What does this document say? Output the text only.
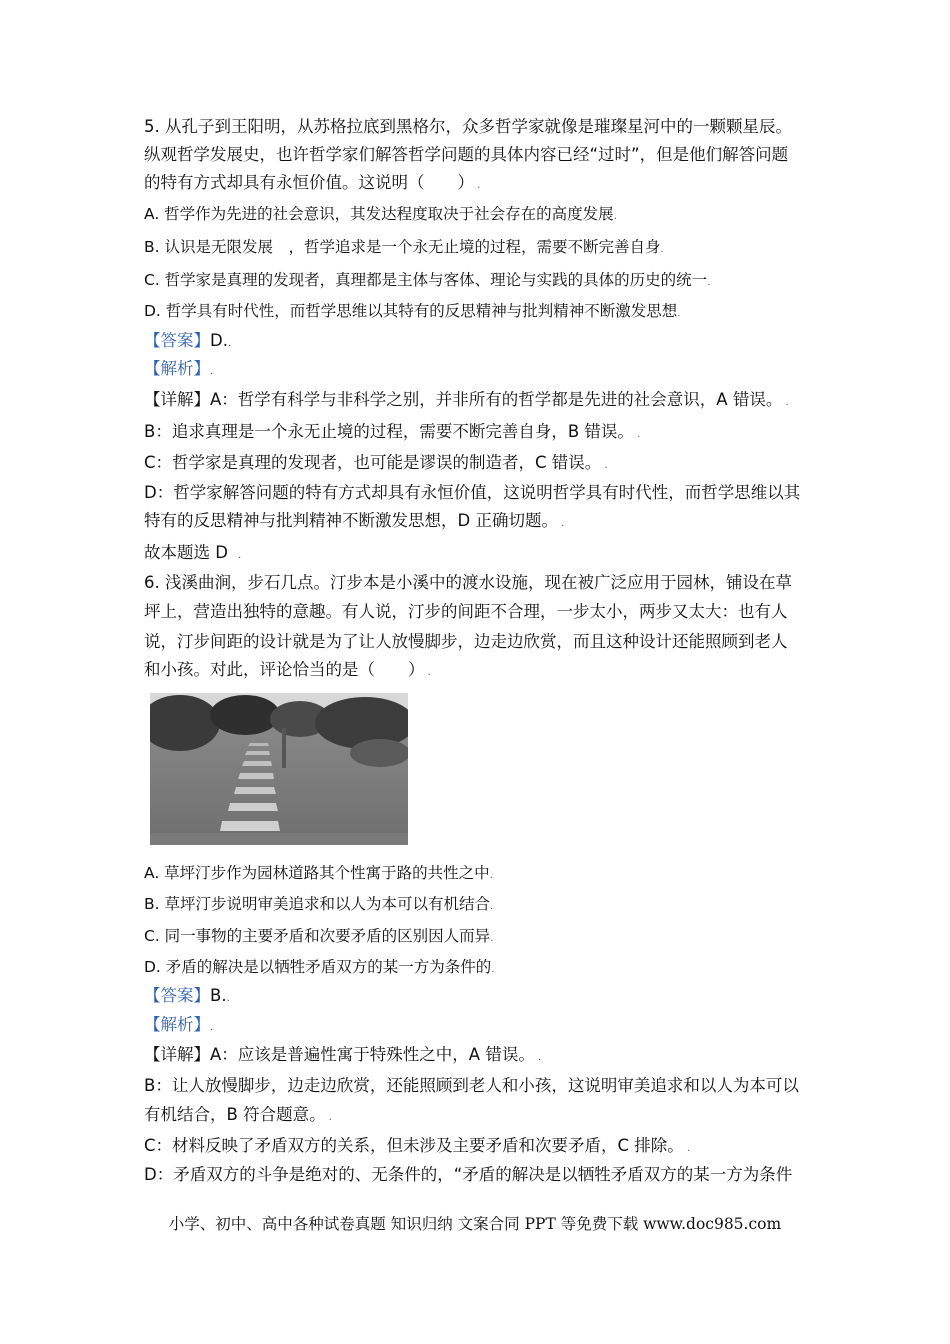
5. 从孔子到王阳明，从苏格拉底到黑格尔，众多哲学家就像是璀璨星河中的一颗颗星辰。
纵观哲学发展史，也许哲学家们解答哲学问题的具体内容已经“过时”，但是他们解答问题
的特有方式却具有永恒价值。这说明（　　） .
A. 哲学作为先进的社会意识，其发达程度取决于社会存在的高度发展.
B. 认识是无限发展　，哲学追求是一个永无止境的过程，需要不断完善自身.
C. 哲学家是真理的发现者，真理都是主体与客体、理论与实践的具体的历史的统一.
D. 哲学具有时代性，而哲学思维以其特有的反思精神与批判精神不断激发思想.
【答案】D..
【解析】.
【详解】A：哲学有科学与非科学之别，并非所有的哲学都是先进的社会意识，A 错误。 .
B：追求真理是一个永无止境的过程，需要不断完善自身，B 错误。 .
C：哲学家是真理的发现者，也可能是谬误的制造者，C 错误。 .
D：哲学家解答问题的特有方式却具有永恒价值，这说明哲学具有时代性，而哲学思维以其
特有的反思精神与批判精神不断激发思想，D 正确切题。 .
故本题选 D　.
6. 浅溪曲涧，步石几点。汀步本是小溪中的渡水设施，现在被广泛应用于园林，铺设在草
坪上，营造出独特的意趣。有人说，汀步的间距不合理，一步太小，两步又太大：也有人
说，汀步间距的设计就是为了让人放慢脚步，边走边欣赏，而且这种设计还能照顾到老人
和小孩。对此，评论恰当的是（　　） .
A. 草坪汀步作为园林道路其个性寓于路的共性之中.
B. 草坪汀步说明审美追求和以人为本可以有机结合.
C. 同一事物的主要矛盾和次要矛盾的区别因人而异.
D. 矛盾的解决是以牺牲矛盾双方的某一方为条件的.
【答案】B..
【解析】.
【详解】A：应该是普遍性寓于特殊性之中，A 错误。 .
B：让人放慢脚步，边走边欣赏，还能照顾到老人和小孩，这说明审美追求和以人为本可以
有机结合，B 符合题意。 .
C：材料反映了矛盾双方的关系，但未涉及主要矛盾和次要矛盾，C 排除。 .
D：矛盾双方的斗争是绝对的、无条件的，“矛盾的解决是以牺牲矛盾双方的某一方为条件
小学、初中、高中各种试卷真题 知识归纳 文案合同 PPT 等免费下载 www.doc985.com
